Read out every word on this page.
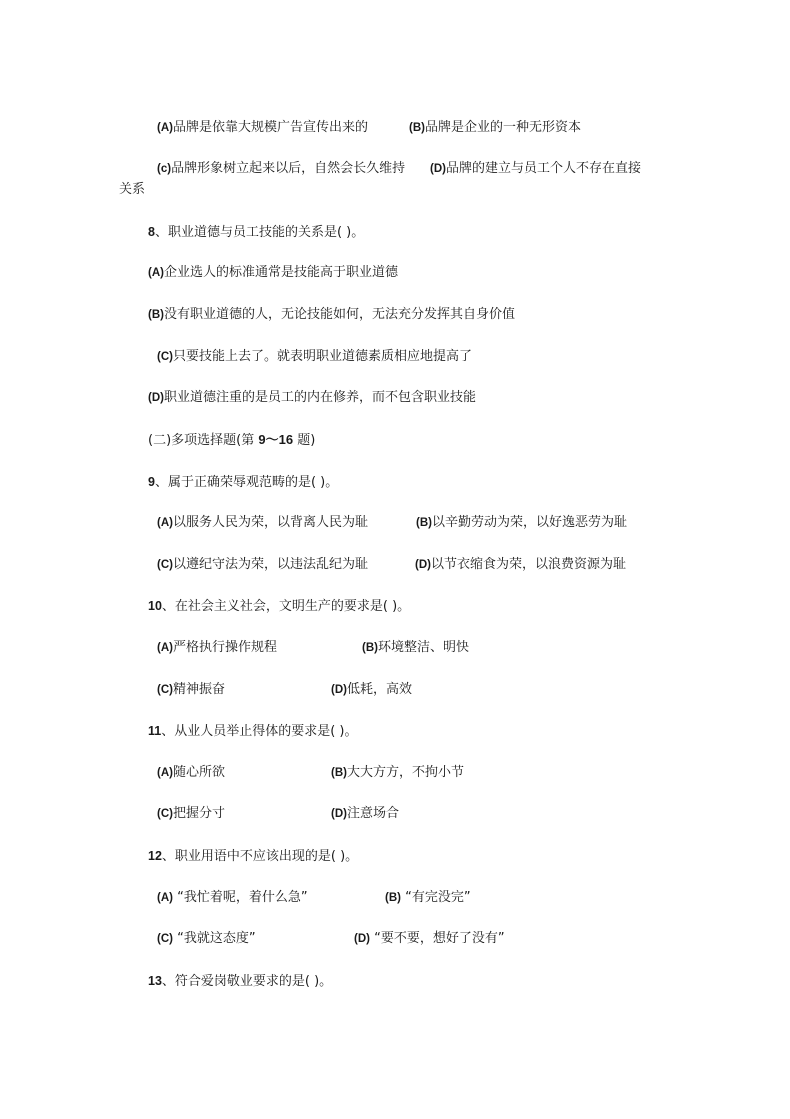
(A)品牌是依靠大规模广告宣传出来的	(B)品牌是企业的一种无形资本
(c)品牌形象树立起来以后，自然会长久维持 (D)品牌的建立与员工个人不存在直接
关系
8、职业道德与员工技能的关系是( )。
(A)企业选人的标准通常是技能高于职业道德
(B)没有职业道德的人，无论技能如何，无法充分发挥其自身价值
(C)只要技能上去了。就表明职业道德素质相应地提高了
(D)职业道德注重的是员工的内在修养，而不包含职业技能
(二)多项选择题(第 9～16 题)
9、属于正确荣辱观范畴的是( )。
(A)以服务人民为荣，以背离人民为耻	(B)以辛勤劳动为荣，以好逸恶劳为耻
(C)以遵纪守法为荣，以违法乱纪为耻	(D)以节衣缩食为荣，以浪费资源为耻
10、在社会主义社会，文明生产的要求是( )。
(A)严格执行操作规程	(B)环境整洁、明快
(C)精神振奋	(D)低耗，高效
11、从业人员举止得体的要求是( )。
(A)随心所欲	(B)大大方方，不拘小节
(C)把握分寸	(D)注意场合
12、职业用语中不应该出现的是( )。
(A) “我忙着呢，着什么急”	(B) “有完没完”
(C) “我就这态度”	(D) “要不要，想好了没有”
13、符合爱岗敬业要求的是( )。
